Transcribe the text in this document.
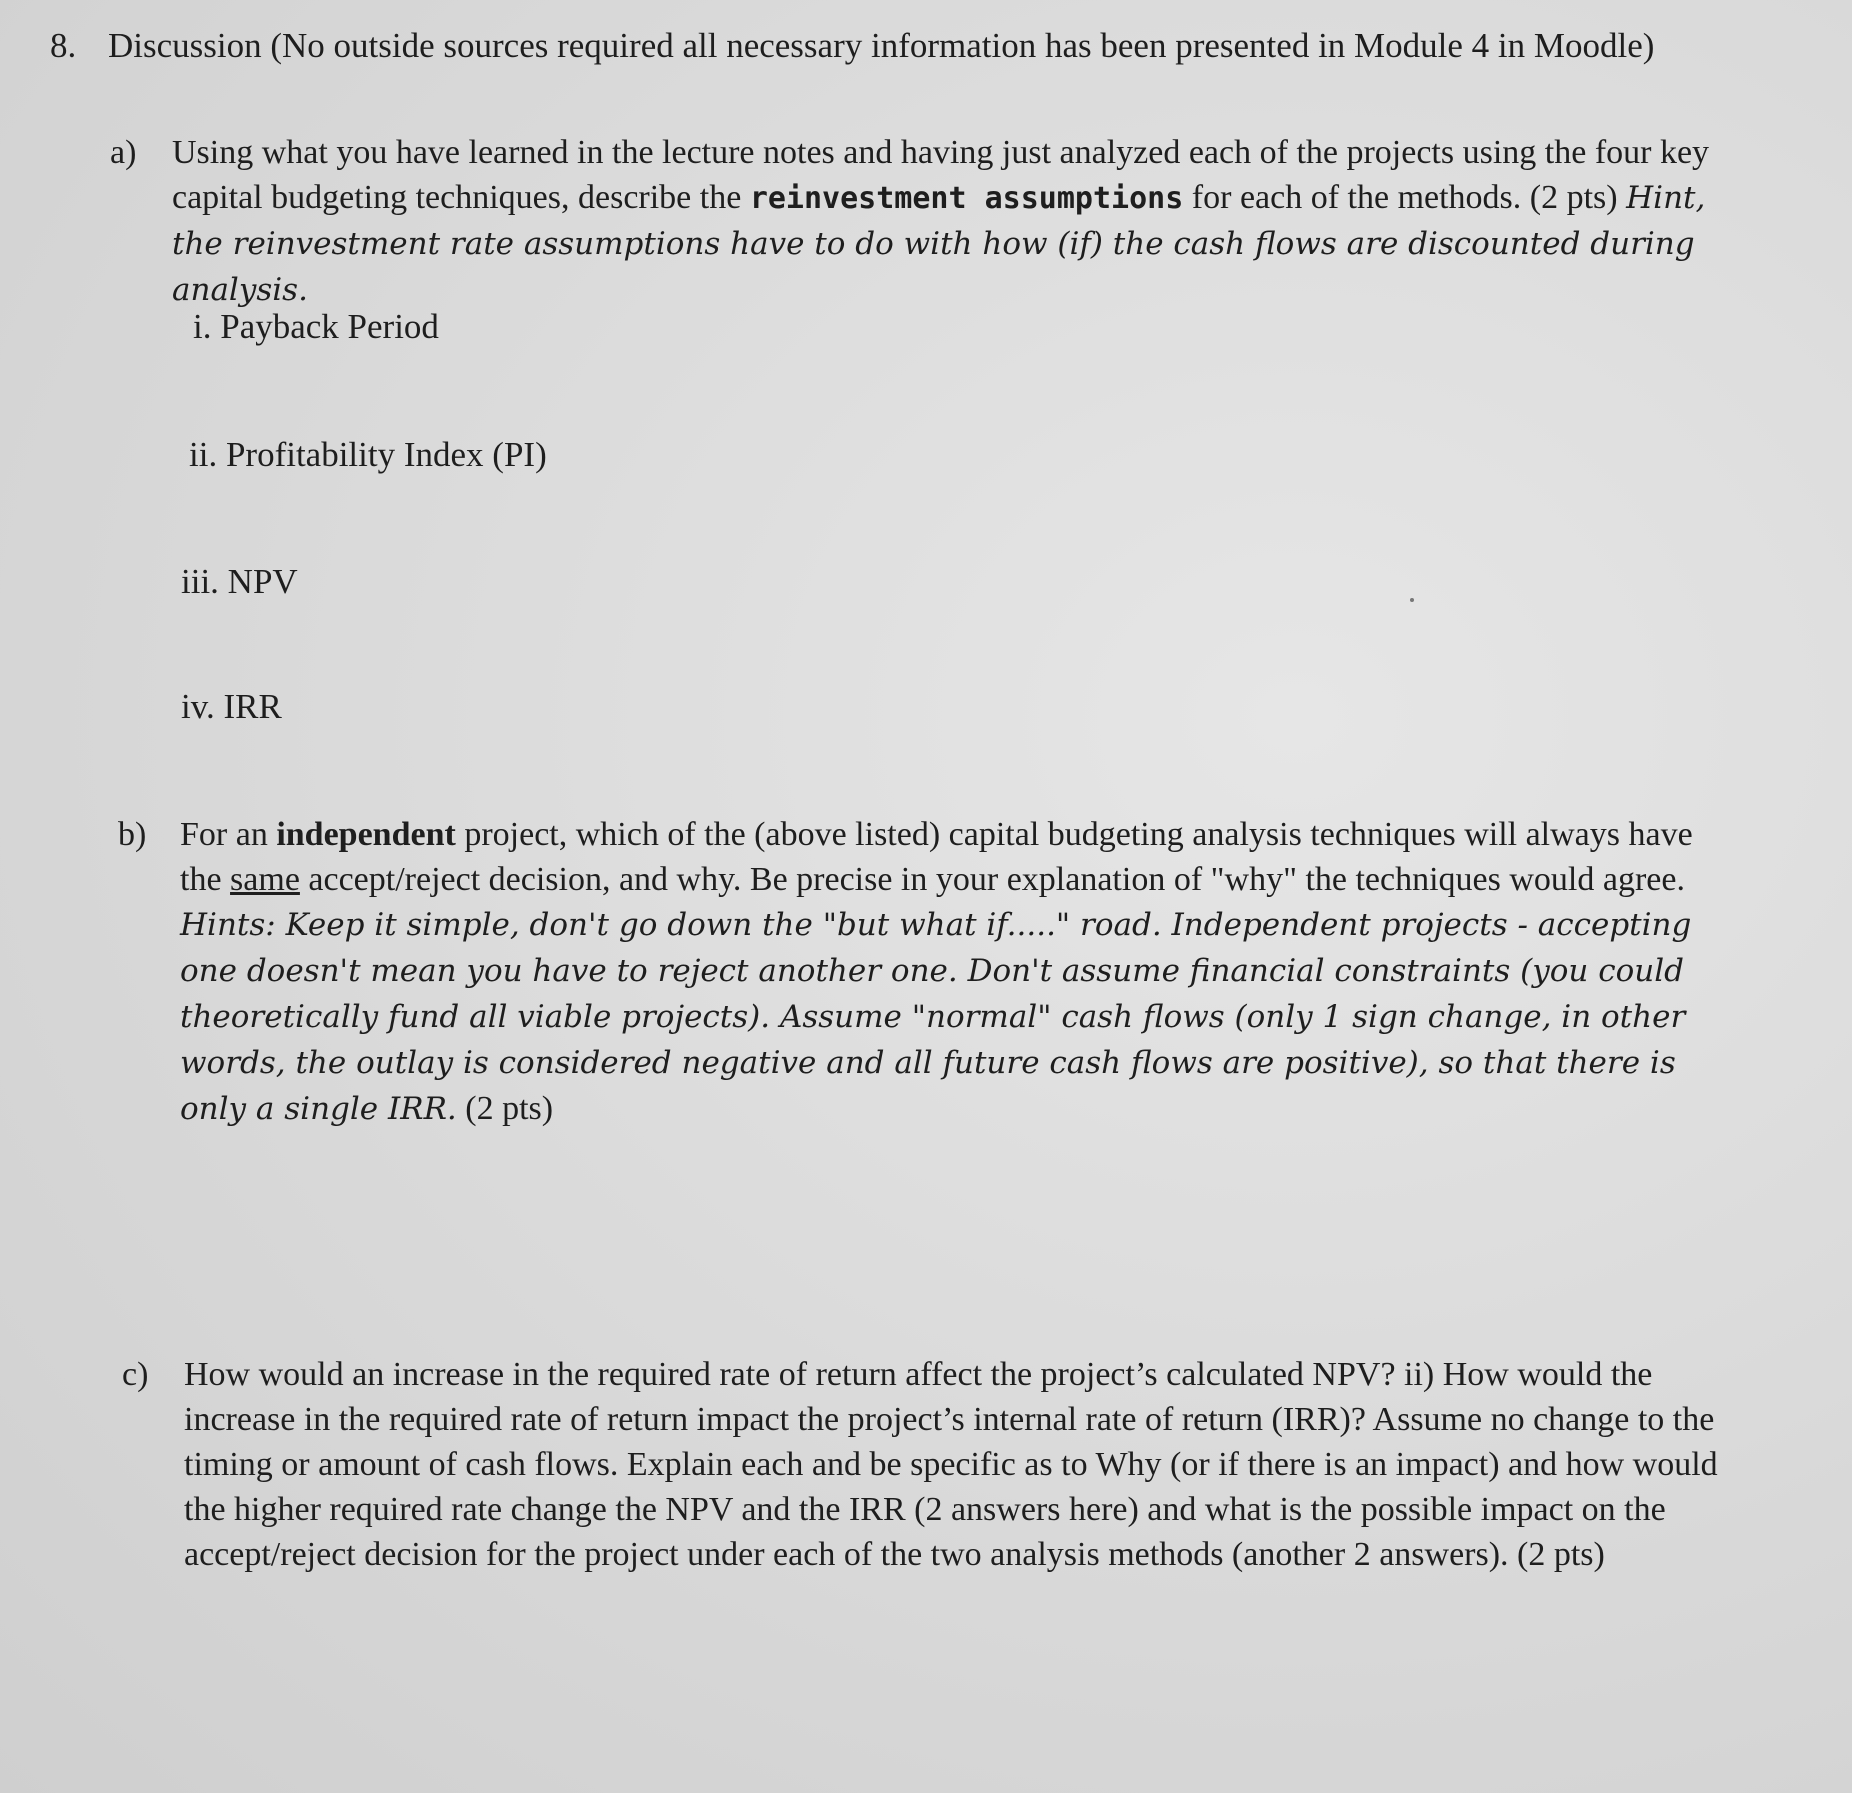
8. Discussion (No outside sources required all necessary information has been presented in Module 4 in Moodle)
a) Using what you have learned in the lecture notes and having just analyzed each of the projects using the four key capital budgeting techniques, describe the reinvestment assumptions for each of the methods. (2 pts) Hint, the reinvestment rate assumptions have to do with how (if) the cash flows are discounted during analysis.
i. Payback Period
ii. Profitability Index (PI)
iii. NPV
iv. IRR
b) For an independent project, which of the (above listed) capital budgeting analysis techniques will always have the same accept/reject decision, and why. Be precise in your explanation of "why" the techniques would agree. Hints: Keep it simple, don't go down the "but what if....." road. Independent projects - accepting one doesn't mean you have to reject another one. Don't assume financial constraints (you could theoretically fund all viable projects). Assume "normal" cash flows (only 1 sign change, in other words, the outlay is considered negative and all future cash flows are positive), so that there is only a single IRR. (2 pts)
c) How would an increase in the required rate of return affect the project’s calculated NPV? ii) How would the increase in the required rate of return impact the project’s internal rate of return (IRR)? Assume no change to the timing or amount of cash flows. Explain each and be specific as to Why (or if there is an impact) and how would the higher required rate change the NPV and the IRR (2 answers here) and what is the possible impact on the accept/reject decision for the project under each of the two analysis methods (another 2 answers). (2 pts)
